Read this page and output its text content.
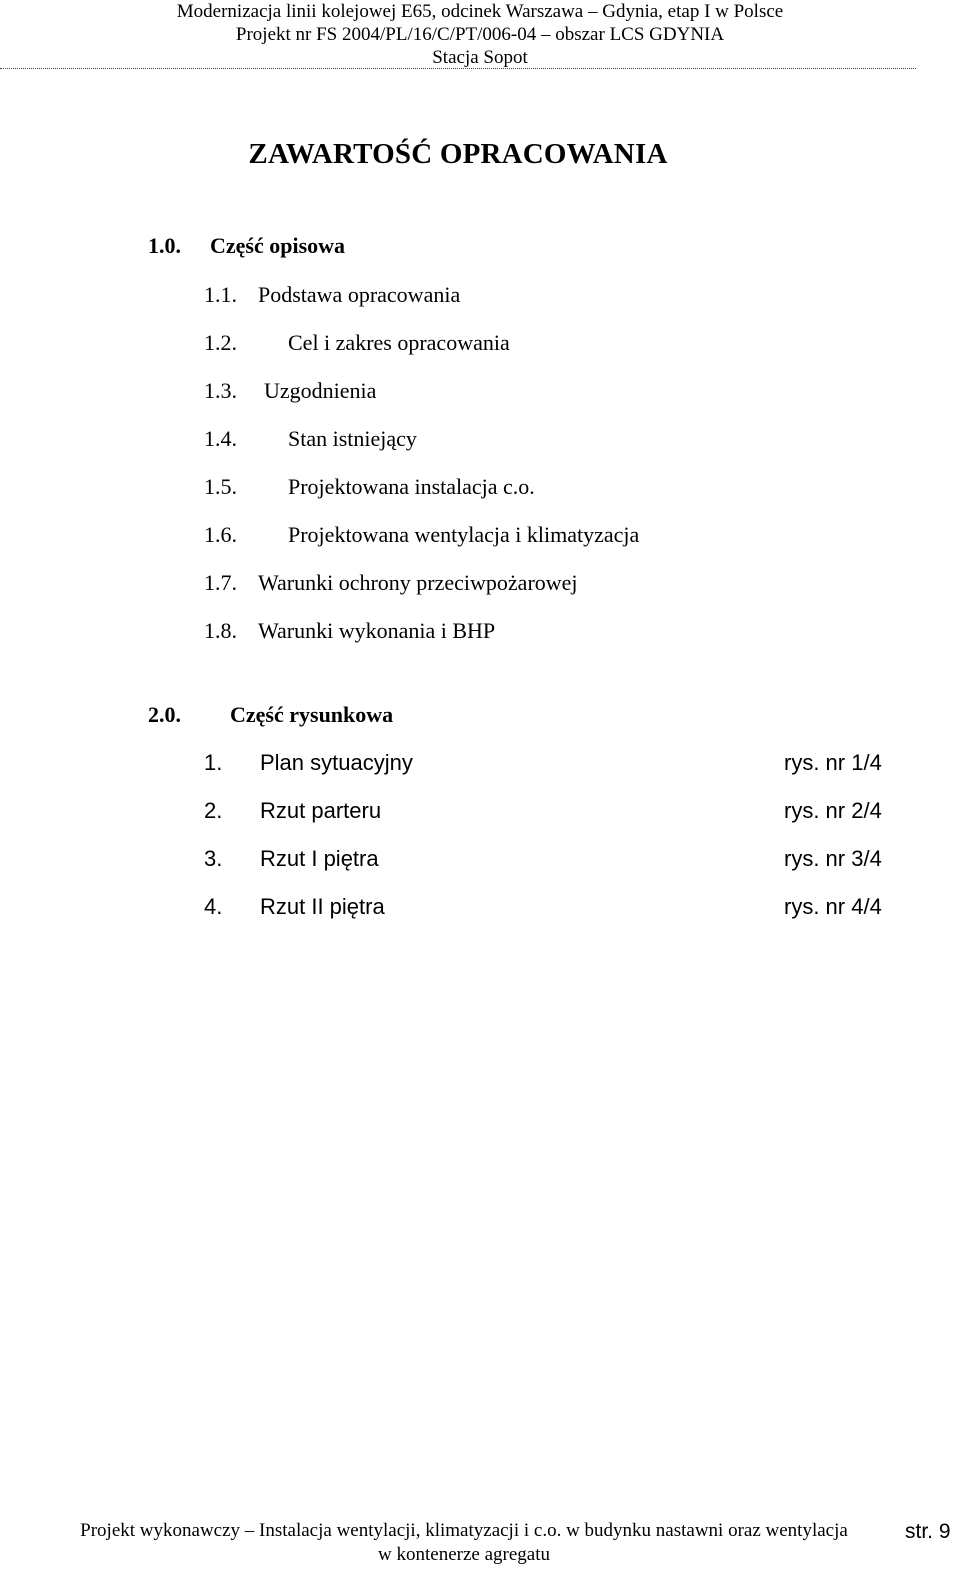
Modernizacja linii kolejowej E65, odcinek Warszawa – Gdynia, etap I w Polsce
Projekt nr FS 2004/PL/16/C/PT/006-04 – obszar LCS GDYNIA
Stacja Sopot
ZAWARTOŚĆ OPRACOWANIA
1.0. Część opisowa
1.1. Podstawa opracowania
1.2. Cel i zakres opracowania
1.3. Uzgodnienia
1.4. Stan istniejący
1.5. Projektowana instalacja c.o.
1.6. Projektowana wentylacja i klimatyzacja
1.7. Warunki ochrony przeciwpożarowej
1.8. Warunki wykonania i BHP
2.0. Część rysunkowa
1. Plan sytuacyjny	rys. nr 1/4
2. Rzut parteru	rys. nr 2/4
3. Rzut I piętra	rys. nr 3/4
4. Rzut II piętra	rys. nr 4/4
Projekt wykonawczy – Instalacja wentylacji, klimatyzacji i c.o. w budynku nastawni oraz wentylacja
w kontenerze agregatu
str. 9
